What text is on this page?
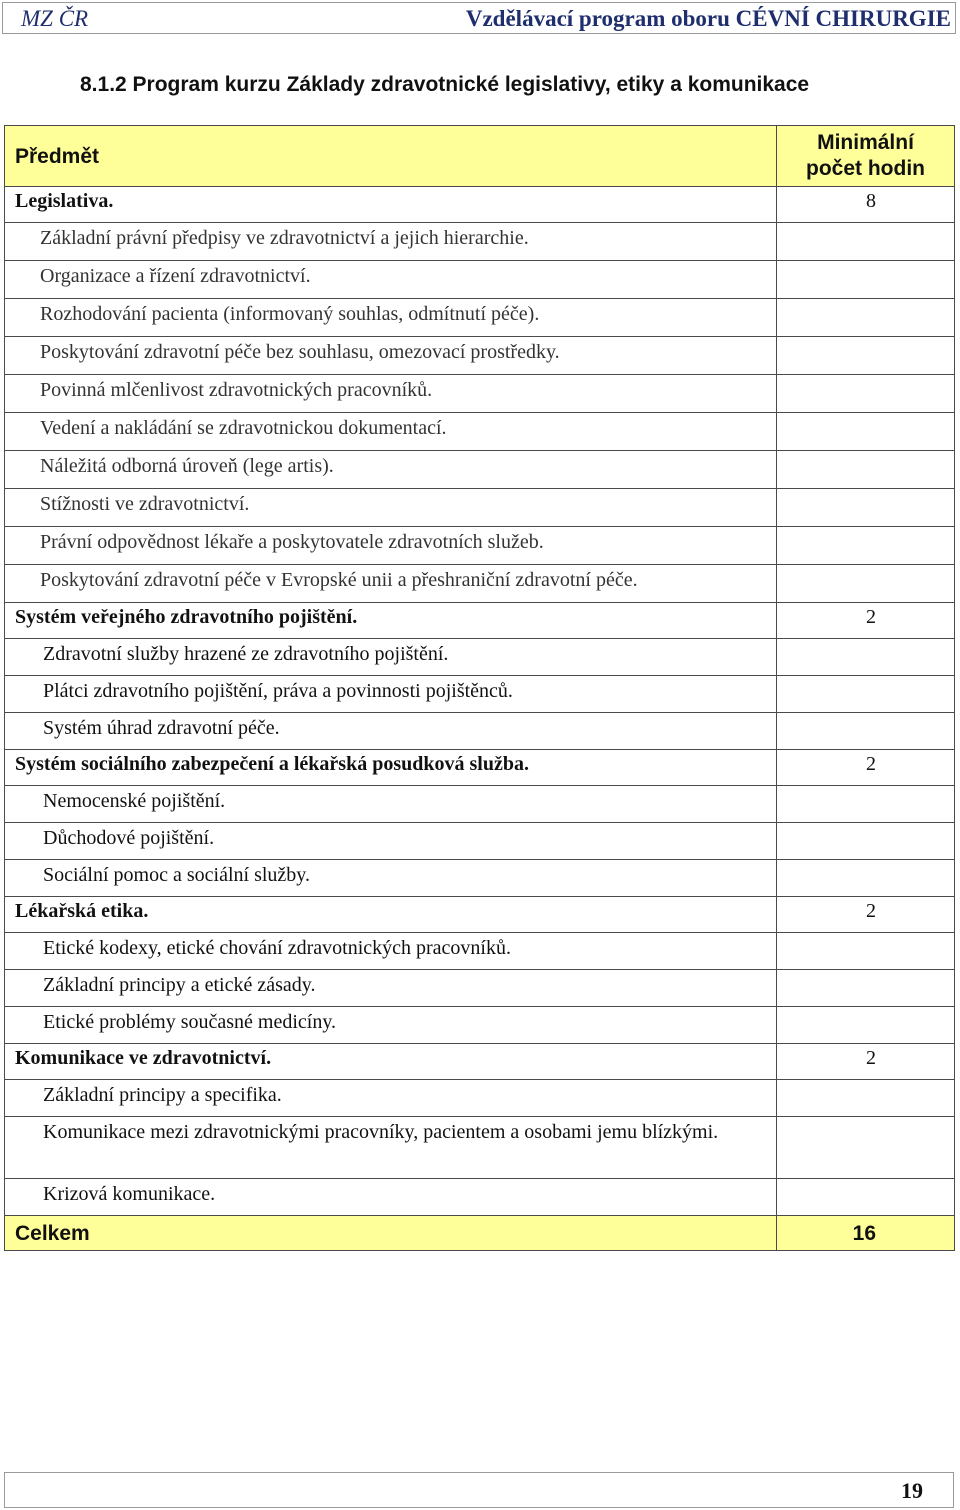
MZ ČR	Vzdělávací program oboru CÉVNÍ CHIRURGIE
8.1.2 Program kurzu Základy zdravotnické legislativy, etiky a komunikace
Předmět	Minimální počet hodin
Legislativa.	8
Základní právní předpisy ve zdravotnictví a jejich hierarchie.	
Organizace a řízení zdravotnictví.	
Rozhodování pacienta (informovaný souhlas, odmítnutí péče).	
Poskytování zdravotní péče bez souhlasu, omezovací prostředky.	
Povinná mlčenlivost zdravotnických pracovníků.	
Vedení a nakládání se zdravotnickou dokumentací.	
Náležitá odborná úroveň (lege artis).	
Stížnosti ve zdravotnictví.	
Právní odpovědnost lékaře a poskytovatele zdravotních služeb.	
Poskytování zdravotní péče v Evropské unii a přeshraniční zdravotní péče.	
Systém veřejného zdravotního pojištění.	2
Zdravotní služby hrazené ze zdravotního pojištění.	
Plátci zdravotního pojištění, práva a povinnosti pojištěnců.	
Systém úhrad zdravotní péče.	
Systém sociálního zabezpečení a lékařská posudková služba.	2
Nemocenské pojištění.	
Důchodové pojištění.	
Sociální pomoc a sociální služby.	
Lékařská etika.	2
Etické kodexy, etické chování zdravotnických pracovníků.	
Základní principy a etické zásady.	
Etické problémy současné medicíny.	
Komunikace ve zdravotnictví.	2
Základní principy a specifika.	
Komunikace mezi zdravotnickými pracovníky, pacientem a osobami jemu blízkými.	
Krizová komunikace.	
Celkem	16
19
